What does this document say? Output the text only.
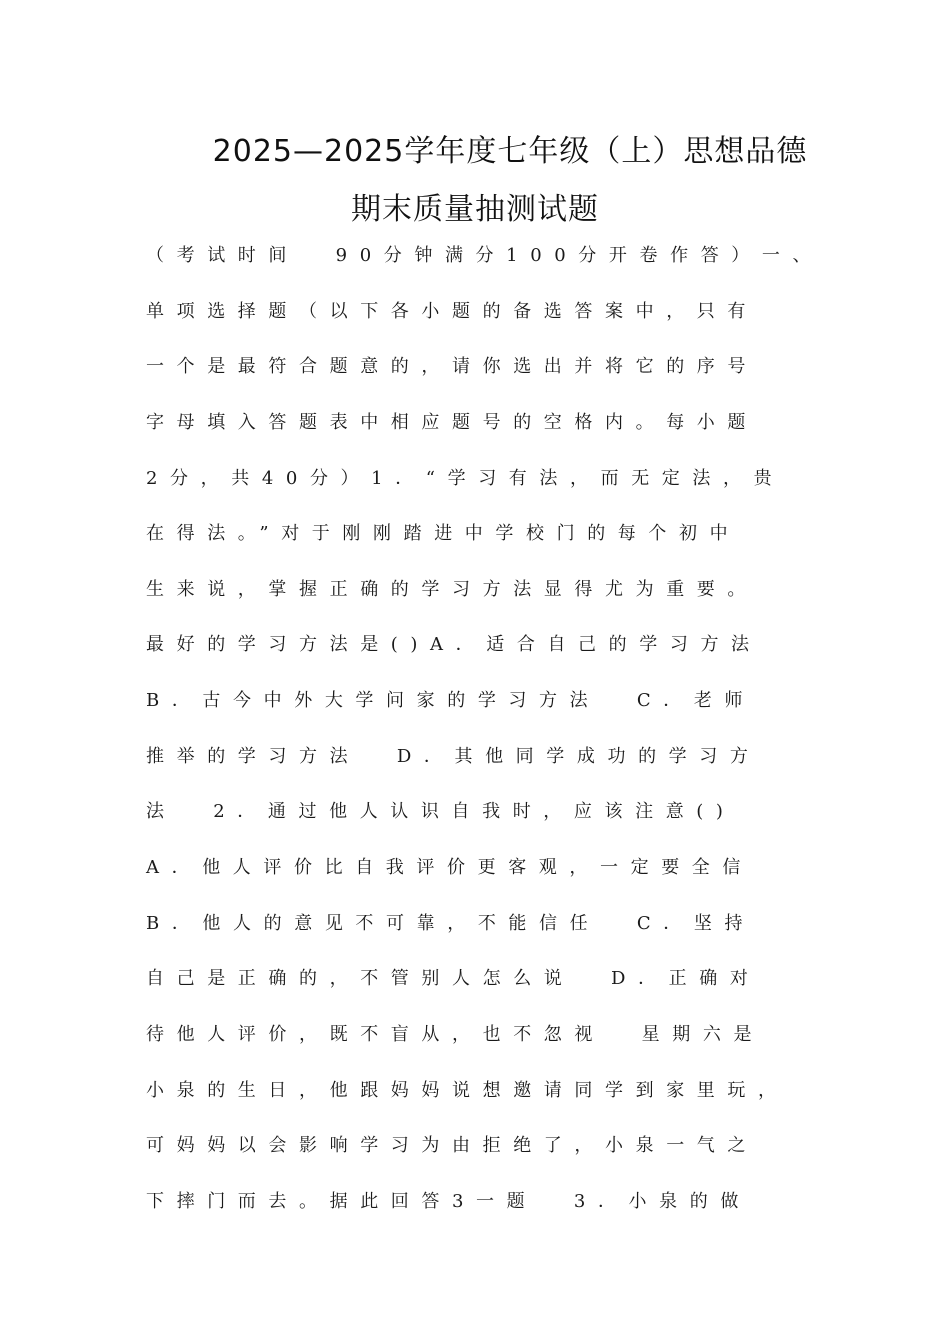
2025—2025学年度七年级（上）思想品德
期末质量抽测试题
（考试时间  90分钟满分100分开卷作答）一、
单项选择题（以下各小题的备选答案中，只有
一个是最符合题意的，请你选出并将它的序号
字母填入答题表中相应题号的空格内。每小题
2分，共40分）1．“学习有法，而无定法，贵
在得法。”对于刚刚踏进中学校门的每个初中
生来说，掌握正确的学习方法显得尤为重要。
最好的学习方法是()A．适合自己的学习方法
B．古今中外大学问家的学习方法  C．老师
推举的学习方法  D．其他同学成功的学习方
法  2．通过他人认识自我时，应该注意()
A．他人评价比自我评价更客观，一定要全信
B．他人的意见不可靠，不能信任  C．坚持
自己是正确的，不管别人怎么说  D．正确对
待他人评价，既不盲从，也不忽视  星期六是
小泉的生日，他跟妈妈说想邀请同学到家里玩，
可妈妈以会影响学习为由拒绝了，小泉一气之
下摔门而去。据此回答3一题  3．小泉的做
